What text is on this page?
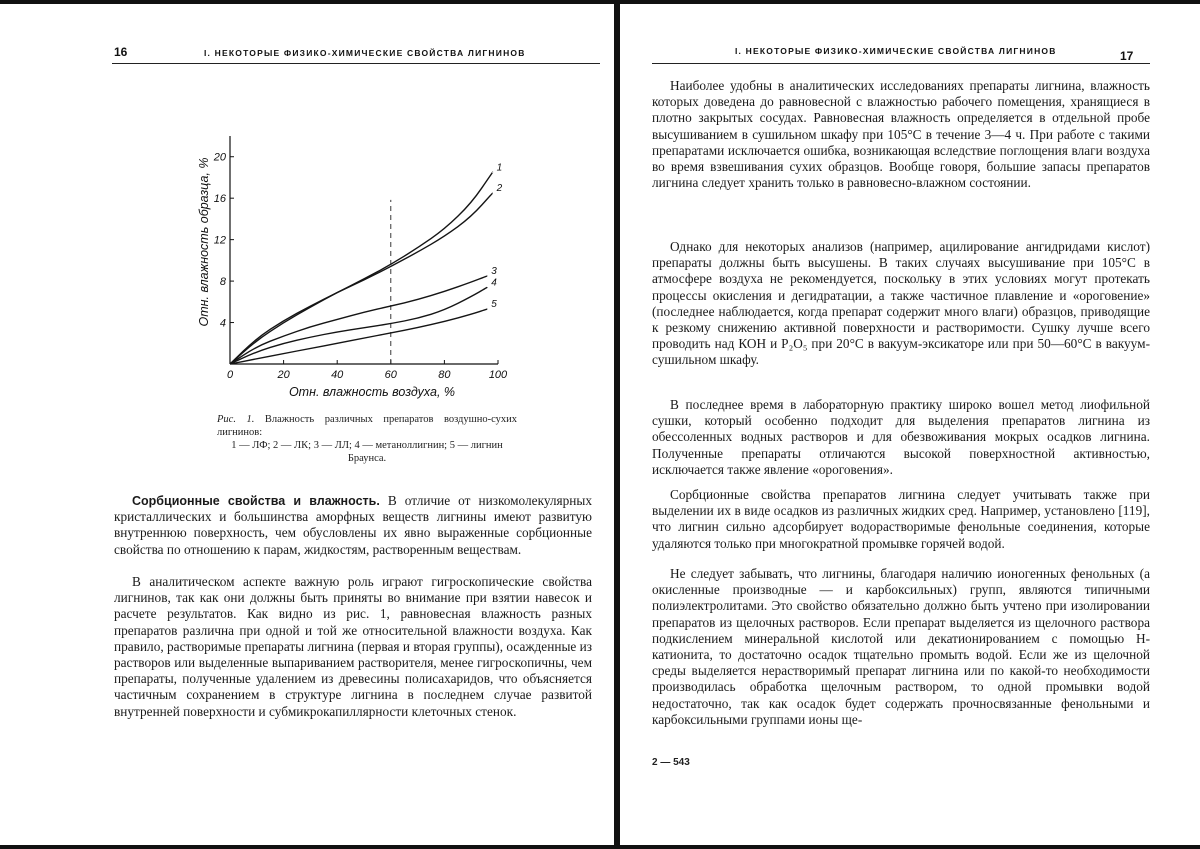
16	I. НЕКОТОРЫЕ ФИЗИКО-ХИМИЧЕСКИЕ СВОЙСТВА ЛИГНИНОВ
0	20	40	60	80	100
4
8
12
16
20
1
2
3
4
5
Отн. влажность воздуха, %
Отн. влажность образца, %
Рис. 1. Влажность различных препаратов воздушно-сухих лигнинов:
1 — ЛФ; 2 — ЛК; 3 — ЛЛ; 4 — метаноллигнин; 5 — лигнин Браунса.

Сорбционные свойства и влажность. В отличие от низкомолекулярных кристаллических и большинства аморфных веществ лигнины имеют развитую внутреннюю поверхность, чем обусловлены их явно выраженные сорбционные свойства по отношению к парам, жидкостям, растворенным веществам.

В аналитическом аспекте важную роль играют гигроскопические свойства лигнинов, так как они должны быть приняты во внимание при взятии навесок и расчете результатов. Как видно из рис. 1, равновесная влажность разных препаратов различна при одной и той же относительной влажности воздуха. Как правило, растворимые препараты лигнина (первая и вторая группы), осажденные из растворов или выделенные выпариванием растворителя, менее гигроскопичны, чем препараты, полученные удалением из древесины полисахаридов, что объясняется частичным сохранением в структуре лигнина в последнем случае развитой внутренней поверхности и субмикрокапиллярности клеточных стенок.

I. НЕКОТОРЫЕ ФИЗИКО-ХИМИЧЕСКИЕ СВОЙСТВА ЛИГНИНОВ	17

Наиболее удобны в аналитических исследованиях препараты лигнина, влажность которых доведена до равновесной с влажностью рабочего помещения, хранящиеся в плотно закрытых сосудах. Равновесная влажность определяется в отдельной пробе высушиванием в сушильном шкафу при 105°С в течение 3—4 ч. При работе с такими препаратами исключается ошибка, возникающая вследствие поглощения влаги воздуха во время взвешивания сухих образцов. Вообще говоря, большие запасы препаратов лигнина следует хранить только в равновесно-влажном состоянии.

Однако для некоторых анализов (например, ацилирование ангидридами кислот) препараты должны быть высушены. В таких случаях высушивание при 105°С в атмосфере воздуха не рекомендуется, поскольку в этих условиях могут протекать процессы окисления и дегидратации, а также частичное плавление и «ороговение» (последнее наблюдается, когда препарат содержит много влаги) образцов, приводящие к резкому снижению активной поверхности и растворимости. Сушку лучше всего проводить над КОН и P₂O₅ при 20°С в вакуум-эксикаторе или при 50—60°С в вакуум-сушильном шкафу.

В последнее время в лабораторную практику широко вошел метод лиофильной сушки, который особенно подходит для выделения препаратов лигнина из обессоленных водных растворов и для обезвоживания мокрых осадков лигнина. Полученные препараты отличаются высокой поверхностной активностью, исключается также явление «ороговения».

Сорбционные свойства препаратов лигнина следует учитывать также при выделении их в виде осадков из различных жидких сред. Например, установлено [119], что лигнин сильно адсорбирует водорастворимые фенольные соединения, которые удаляются только при многократной промывке горячей водой.

Не следует забывать, что лигнины, благодаря наличию ионогенных фенольных (а окисленные производные — и карбоксильных) групп, являются типичными полиэлектролитами. Это свойство обязательно должно быть учтено при изолировании препаратов из щелочных растворов. Если препарат выделяется из щелочного раствора подкислением минеральной кислотой или декатионированием с помощью Н-катионита, то достаточно осадок тщательно промыть водой. Если же из щелочной среды выделяется нерастворимый препарат лигнина или по какой-то необходимости производилась обработка щелочным раствором, то одной промывки водой недостаточно, так как осадок будет содержать прочносвязанные фенольными и карбоксильными группами ионы ще-

2 — 543
